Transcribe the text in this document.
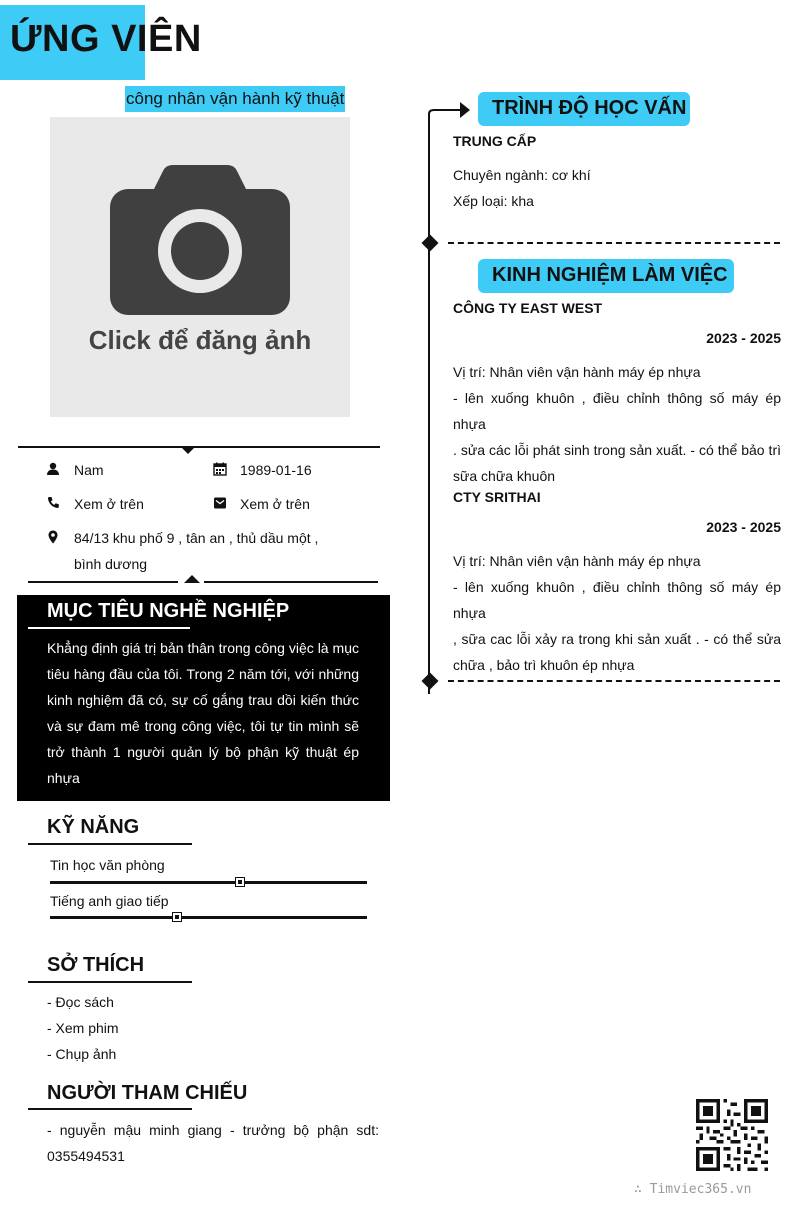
ỨNG VIÊN
công nhân vận hành kỹ thuật
Click để đăng ảnh
Nam	1989-01-16
Xem ở trên	Xem ở trên
84/13 khu phố 9 , tân an , thủ dầu một ,
bình dương
MỤC TIÊU NGHỀ NGHIỆP
Khẳng định giá trị bản thân trong công việc là mục
tiêu hàng đầu của tôi. Trong 2 năm tới, với những
kinh nghiệm đã có, sự cố gắng trau dồi kiến thức
và sự đam mê trong công việc, tôi tự tin mình sẽ
trở thành 1 người quản lý bộ phận kỹ thuật ép
nhựa
KỸ NĂNG
Tin học văn phòng
Tiếng anh giao tiếp
SỞ THÍCH
- Đọc sách
- Xem phim
- Chụp ảnh
NGƯỜI THAM CHIẾU
- nguyễn mậu minh giang - trưởng bộ phận sdt:
0355494531
TRÌNH ĐỘ HỌC VẤN
TRUNG CẤP
Chuyên ngành: cơ khí
Xếp loại: kha
KINH NGHIỆM LÀM VIỆC
CÔNG TY EAST WEST
2023 - 2025
Vị trí: Nhân viên vận hành máy ép nhựa
- lên xuống khuôn , điều chỉnh thông số máy ép nhựa
. sửa các lỗi phát sinh trong sản xuất. - có thể bảo trì
sữa chữa khuôn
CTY SRITHAI
2023 - 2025
Vị trí: Nhân viên vận hành máy ép nhựa
- lên xuống khuôn , điều chỉnh thông số máy ép nhựa
, sữa cac lỗi xảy ra trong khi sản xuất . - có thể sửa
chữa , bảo trì khuôn ép nhựa
∴ Timviec365.vn
